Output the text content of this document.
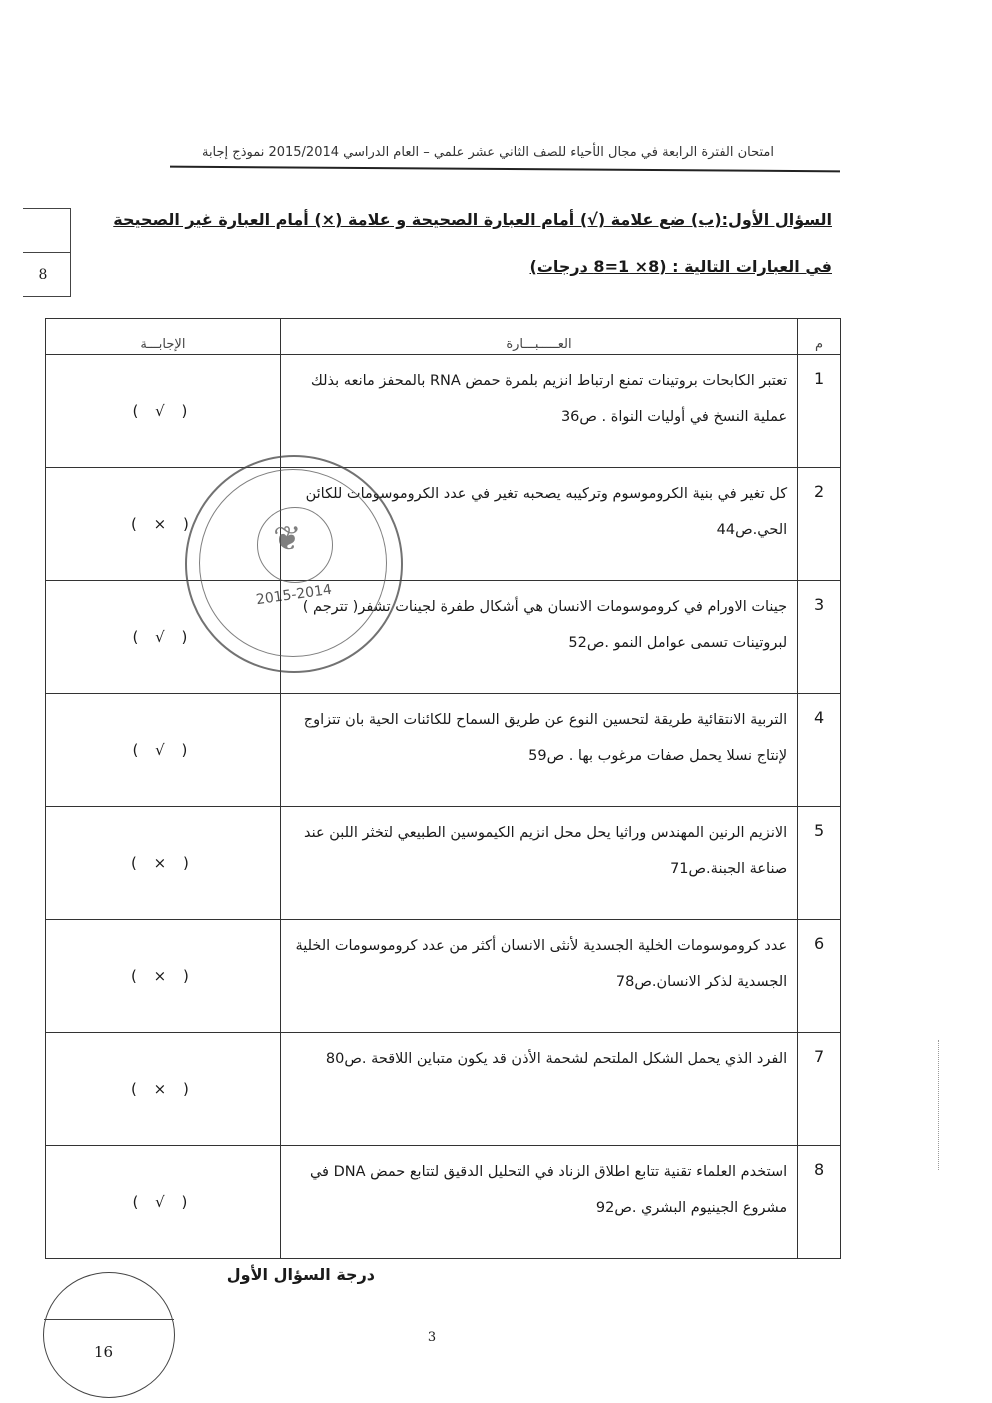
امتحان الفترة الرابعة في مجال الأحياء للصف الثاني عشر علمي – العام الدراسي 2015/2014 نموذج إجابة
السؤال الأول:(ب) ضع علامة (√) أمام العبارة الصحيحة و علامة (×) أمام العبارة غير الصحيحة
في العبارات التالية : (8× 1=8 درجات)
8
م	العـــــبـــارة	الإجابـــة
1	تعتبر الكابحات بروتينات تمنع ارتباط انزيم بلمرة حمض RNA بالمحفز مانعه بذلك عملية النسخ في أوليات النواة . ص36	( √ )
2	كل تغير في بنية الكروموسوم وتركيبه يصحبه تغير في عدد الكروموسومات للكائن الحي.ص44	( × )
3	جينات الاورام في كروموسومات الانسان هي أشكال طفرة لجينات تشفر( تترجم ) لبروتينات تسمى عوامل النمو .ص52	( √ )
4	التربية الانتقائية طريقة لتحسين النوع عن طريق السماح للكائنات الحية بان تتزاوج لإنتاج نسلا يحمل صفات مرغوب بها . ص59	( √ )
5	الانزيم الرنين المهندس وراثيا يحل محل انزيم الكيموسين الطبيعي لتخثر اللبن عند صناعة الجبنة.ص71	( × )
6	عدد كروموسومات الخلية الجسدية لأنثى الانسان أكثر من عدد كروموسومات الخلية الجسدية لذكر الانسان.ص78	( × )
7	الفرد الذي يحمل الشكل الملتحم لشحمة الأذن قد يكون متباين اللاقحة .ص80	( × )
8	استخدم العلماء تقنية تتابع اطلاق الزناد في التحليل الدقيق لتتابع حمض DNA في مشروع الجينيوم البشري .ص92	( √ )
❦
2015-2014
درجة السؤال الأول
16
3
